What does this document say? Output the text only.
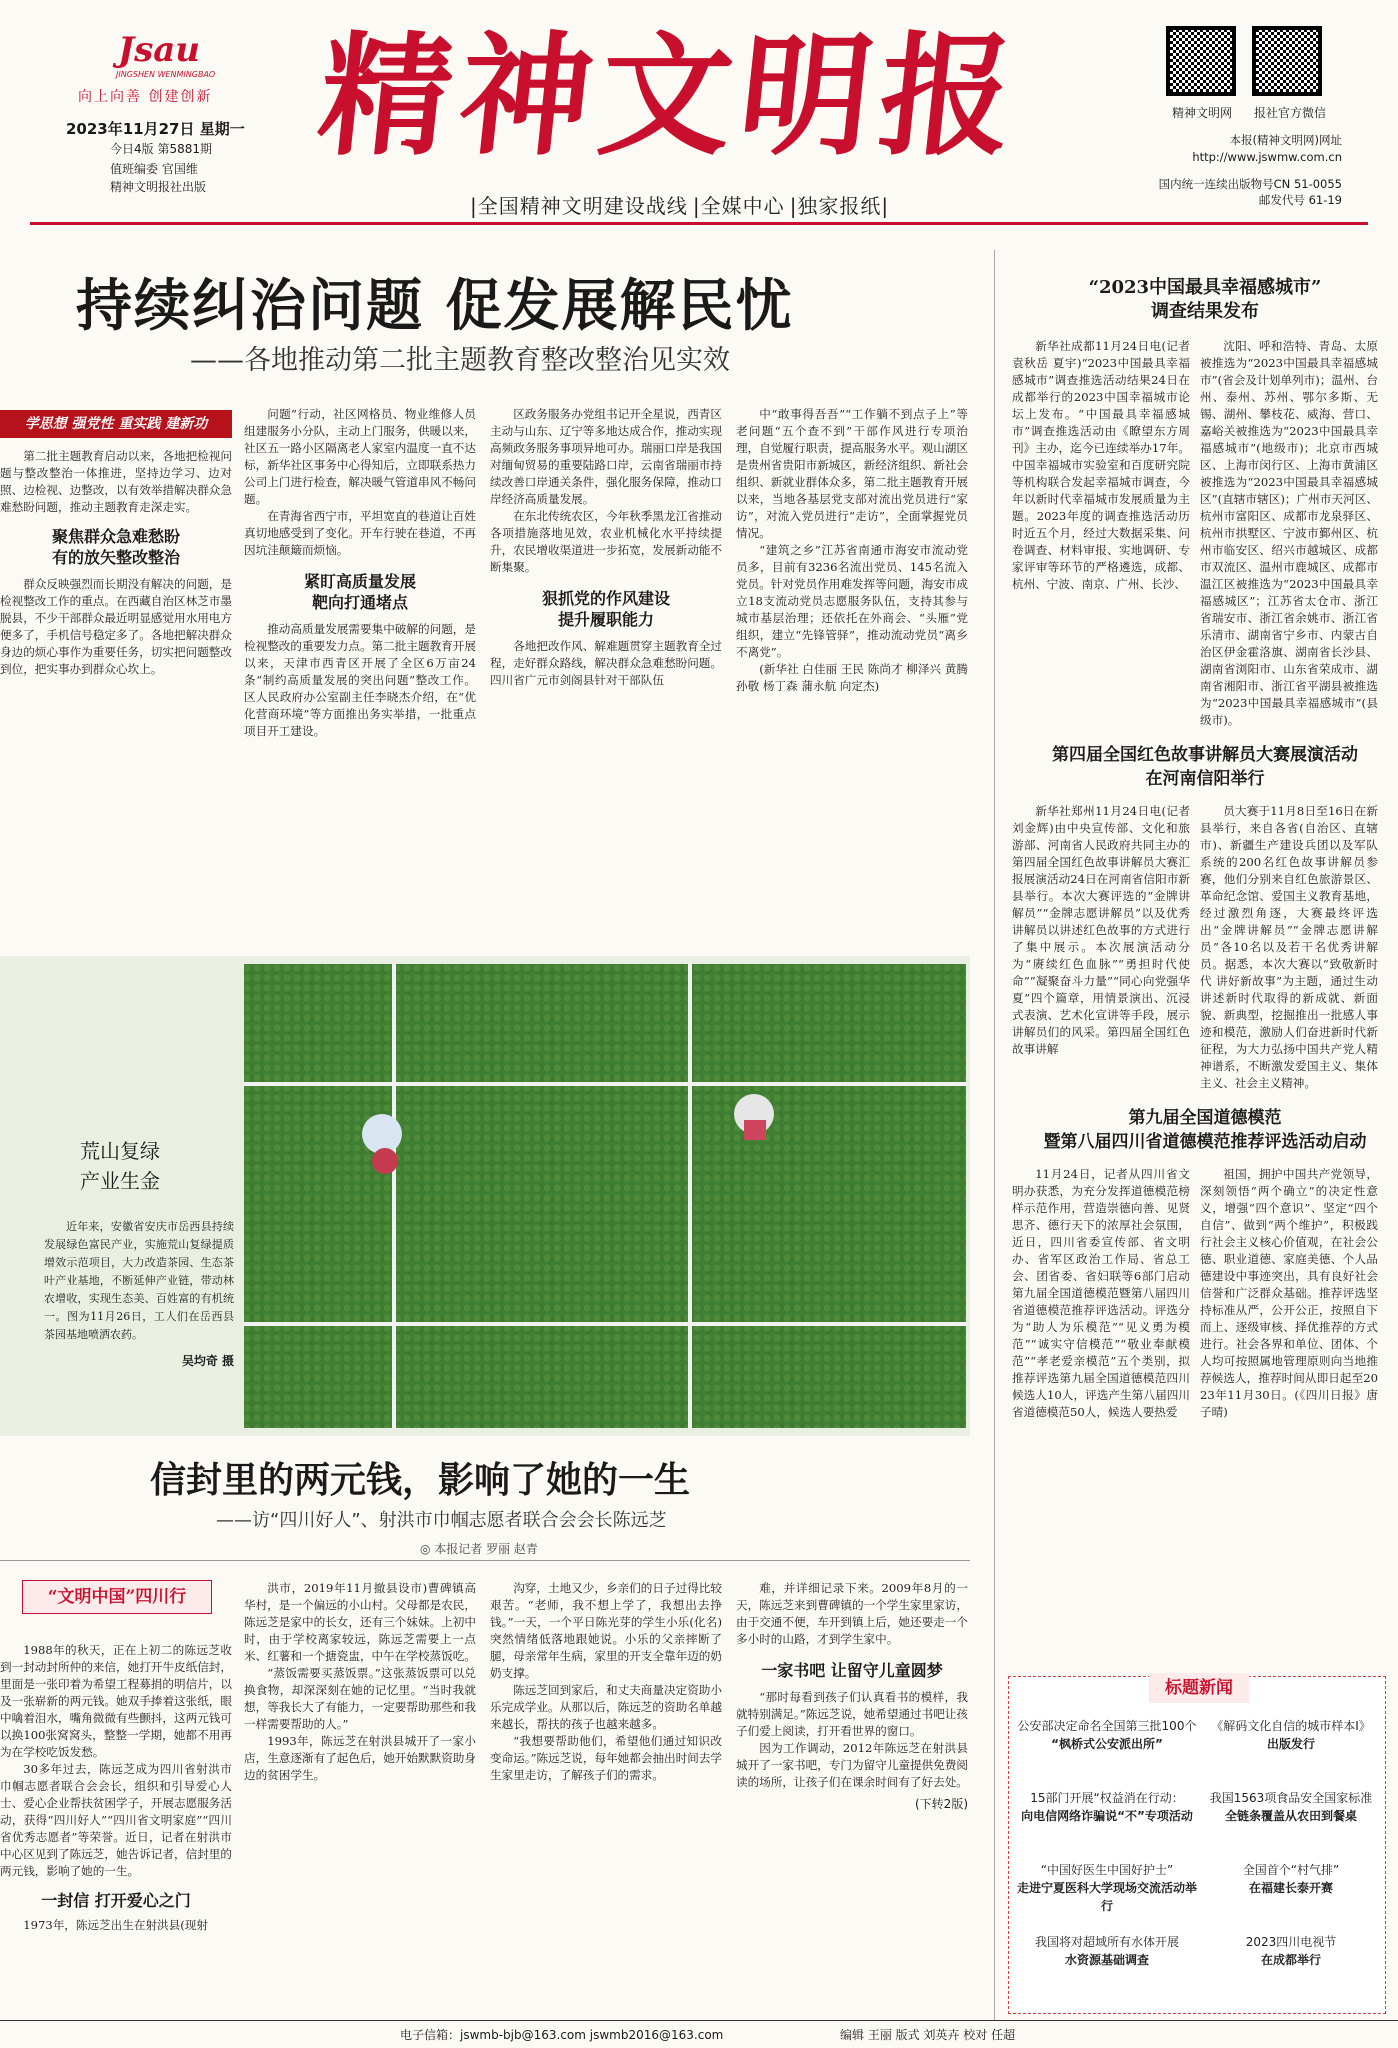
Jsau
JINGSHEN WENMINGBAO
向上向善 创建创新
2023年11月27日 星期一
今日4版 第5881期
值班编委 官国维
精神文明报社出版
精神文明报
|全国精神文明建设战线 |全媒中心 |独家报纸|
精神文明网	报社官方微信
本报(精神文明网)网址
http://www.jswmw.com.cn
国内统一连续出版物号CN 51-0055
邮发代号 61-19
持续纠治问题 促发展解民忧
——各地推动第二批主题教育整改整治见实效
学思想 强党性 重实践 建新功
第二批主题教育启动以来，各地把检视问题与整改整治一体推进，坚持边学习、边对照、边检视、边整改，以有效举措解决群众急难愁盼问题，推动主题教育走深走实。
聚焦群众急难愁盼
有的放矢整改整治
群众反映强烈而长期没有解决的问题，是检视整改工作的重点。在西藏自治区林芝市墨脱县，不少干部群众最近明显感觉用水用电方便多了，手机信号稳定多了。各地把解决群众身边的烦心事作为重要任务，切实把问题整改到位，把实事办到群众心坎上。
问题”行动，社区网格员、物业维修人员组建服务小分队，主动上门服务，供暖以来，社区五一路小区隔离老人家室内温度一直不达标，新华社区事务中心得知后，立即联系热力公司上门进行检查，解决暖气管道串风不畅问题。
在青海省西宁市，平坦宽直的巷道让百姓真切地感受到了变化。开车行驶在巷道，不再因坑洼颠簸而烦恼。
紧盯高质量发展
靶向打通堵点
推动高质量发展需要集中破解的问题，是检视整改的重要发力点。第二批主题教育开展以来，天津市西青区开展了全区6万亩24条“制约高质量发展的突出问题”整改工作。区人民政府办公室副主任李晓杰介绍，在“优化营商环境”等方面推出务实举措，一批重点项目开工建设。
区政务服务办党组书记开全星说，西青区主动与山东、辽宁等多地达成合作，推动实现高频政务服务事项异地可办。瑞丽口岸是我国对缅甸贸易的重要陆路口岸，云南省瑞丽市持续改善口岸通关条件，强化服务保障，推动口岸经济高质量发展。
在东北传统农区，今年秋季黑龙江省推动各项措施落地见效，农业机械化水平持续提升，农民增收渠道进一步拓宽，发展新动能不断集聚。
狠抓党的作风建设
提升履职能力
各地把改作风、解难题贯穿主题教育全过程，走好群众路线，解决群众急难愁盼问题。四川省广元市剑阁县针对干部队伍
中“敢事得吾吾”“工作躺不到点子上”等老问题“五个查不到”干部作风进行专项治理，自觉履行职责，提高服务水平。观山湖区是贵州省贵阳市新城区，新经济组织、新社会组织、新就业群体众多，第二批主题教育开展以来，当地各基层党支部对流出党员进行“家访”，对流入党员进行“走访”，全面掌握党员情况。
“建筑之乡”江苏省南通市海安市流动党员多，目前有3236名流出党员、145名流入党员。针对党员作用难发挥等问题，海安市成立18支流动党员志愿服务队伍，支持其参与城市基层治理；还依托在外商会、“头雁”党组织，建立“先锋管驿”，推动流动党员“离乡不离党”。
(新华社 白佳丽 王民 陈尚才 柳泽兴 黄腾 孙敬 杨丁森 蒲永航 向定杰)
荒山复绿
产业生金
近年来，安徽省安庆市岳西县持续发展绿色富民产业，实施荒山复绿提质增效示范项目，大力改造茶园、生态茶叶产业基地，不断延伸产业链，带动林农增收，实现生态美、百姓富的有机统一。图为11月26日，工人们在岳西县茶园基地喷洒农药。
吴均奇 摄
信封里的两元钱，影响了她的一生
——访“四川好人”、射洪市巾帼志愿者联合会会长陈远芝
◎ 本报记者 罗丽 赵青
“文明中国”四川行
1988年的秋天，正在上初二的陈远芝收到一封动封所仲的来信，她打开牛皮纸信封，里面是一张印着为希望工程募捐的明信片，以及一张崭新的两元钱。她双手捧着这张纸，眼中噙着泪水，嘴角微微有些颤抖，这两元钱可以换100张窝窝头，整整一学期，她都不用再为在学校吃饭发愁。
30多年过去，陈远芝成为四川省射洪市巾帼志愿者联合会会长，组织和引导爱心人士、爱心企业帮扶贫困学子，开展志愿服务活动，获得“四川好人”“四川省文明家庭”“四川省优秀志愿者”等荣誉。近日，记者在射洪市中心区见到了陈远芝，她告诉记者，信封里的两元钱，影响了她的一生。
一封信 打开爱心之门
1973年，陈远芝出生在射洪县(现射
洪市，2019年11月撤县设市)曹碑镇高华村，是一个偏远的小山村。父母都是农民，陈远芝是家中的长女，还有三个妹妹。上初中时，由于学校离家较远，陈远芝需要上一点米、红薯和一个搪瓷盅，中午在学校蒸饭吃。
“蒸饭需要买蒸饭票。”这张蒸饭票可以兑换食物，却深深刻在她的记忆里。“当时我就想，等我长大了有能力，一定要帮助那些和我一样需要帮助的人。”
1993年，陈远芝在射洪县城开了一家小店，生意逐渐有了起色后，她开始默默资助身边的贫困学生。
沟穿，土地又少，乡亲们的日子过得比较艰苦。“老师，我不想上学了，我想出去挣钱。”一天，一个平日陈光芽的学生小乐(化名)突然情绪低落地跟她说。小乐的父亲摔断了腿，母亲常年生病，家里的开支全靠年迈的奶奶支撑。
陈远芝回到家后，和丈夫商量决定资助小乐完成学业。从那以后，陈远芝的资助名单越来越长，帮扶的孩子也越来越多。
“我想要帮助他们，希望他们通过知识改变命运。”陈远芝说，每年她都会抽出时间去学生家里走访，了解孩子们的需求。
难，并详细记录下来。2009年8月的一天，陈远芝来到曹碑镇的一个学生家里家访，由于交通不便，车开到镇上后，她还要走一个多小时的山路，才到学生家中。
一家书吧 让留守儿童圆梦
“那时每看到孩子们认真看书的模样，我就特别满足。”陈远芝说，她希望通过书吧让孩子们爱上阅读，打开看世界的窗口。
因为工作调动，2012年陈远芝在射洪县城开了一家书吧，专门为留守儿童提供免费阅读的场所，让孩子们在课余时间有了好去处。
(下转2版)
“2023中国最具幸福感城市”
调查结果发布
新华社成都11月24日电(记者 袁秋岳 夏宇)“2023中国最具幸福感城市”调查推选活动结果24日在成都举行的2023中国幸福城市论坛上发布。“中国最具幸福感城市”调查推选活动由《瞭望东方周刊》主办，迄今已连续举办17年。中国幸福城市实验室和百度研究院等机构联合发起幸福城市调查，今年以新时代幸福城市发展质量为主题。2023年度的调查推选活动历时近五个月，经过大数据采集、问卷调查、材料审报、实地调研、专家评审等环节的严格遴选，成都、杭州、宁波、南京、广州、长沙、
沈阳、呼和浩特、青岛、太原被推选为“2023中国最具幸福感城市”(省会及计划单列市)；温州、台州、泰州、苏州、鄂尔多斯、无锡、湖州、攀枝花、威海、营口、嘉峪关被推选为“2023中国最具幸福感城市”(地级市)；北京市西城区、上海市闵行区、上海市黄浦区被推选为“2023中国最具幸福感城区”(直辖市辖区)；广州市天河区、杭州市富阳区、成都市龙泉驿区、杭州市拱墅区、宁波市鄞州区、杭州市临安区、绍兴市越城区、成都市双流区、温州市鹿城区、成都市温江区被推选为“2023中国最具幸福感城区”；江苏省太仓市、浙江省瑞安市、浙江省余姚市、浙江省乐清市、湖南省宁乡市、内蒙古自治区伊金霍洛旗、湖南省长沙县、湖南省浏阳市、山东省荣成市、湖南省湘阳市、浙江省平湖县被推选为“2023中国最具幸福感城市”(县级市)。
第四届全国红色故事讲解员大赛展演活动
在河南信阳举行
新华社郑州11月24日电(记者 刘金辉)由中央宣传部、文化和旅游部、河南省人民政府共同主办的第四届全国红色故事讲解员大赛汇报展演活动24日在河南省信阳市新县举行。本次大赛评选的“金牌讲解员”“金牌志愿讲解员”以及优秀讲解员以讲述红色故事的方式进行了集中展示。本次展演活动分为“赓续红色血脉”“勇担时代使命”“凝聚奋斗力量”“同心向党强华夏”四个篇章，用情景演出、沉浸式表演、艺术化宣讲等手段，展示讲解员们的风采。第四届全国红色故事讲解
员大赛于11月8日至16日在新县举行，来自各省(自治区、直辖市)、新疆生产建设兵团以及军队系统的200名红色故事讲解员参赛，他们分别来自红色旅游景区、革命纪念馆、爱国主义教育基地，经过激烈角逐，大赛最终评选出“金牌讲解员”“金牌志愿讲解员”各10名以及若干名优秀讲解员。据悉，本次大赛以“致敬新时代 讲好新故事”为主题，通过生动讲述新时代取得的新成就、新面貌、新典型，挖掘推出一批感人事迹和模范，激励人们奋进新时代新征程，为大力弘扬中国共产党人精神谱系，不断激发爱国主义、集体主义、社会主义精神。
第九届全国道德模范
暨第八届四川省道德模范推荐评选活动启动
11月24日，记者从四川省文明办获悉，为充分发挥道德模范榜样示范作用，营造崇德向善、见贤思齐、德行天下的浓厚社会氛围，近日，四川省委宣传部、省文明办、省军区政治工作局、省总工会、团省委、省妇联等6部门启动第九届全国道德模范暨第八届四川省道德模范推荐评选活动。评选分为“助人为乐模范”“见义勇为模范”“诚实守信模范”“敬业奉献模范”“孝老爱亲模范”五个类别，拟推荐评选第九届全国道德模范四川候选人10人，评选产生第八届四川省道德模范50人，候选人要热爱
祖国，拥护中国共产党领导，深刻领悟“两个确立”的决定性意义，增强“四个意识”、坚定“四个自信”、做到“两个维护”，积极践行社会主义核心价值观，在社会公德、职业道德、家庭美德、个人品德建设中事迹突出，具有良好社会信誉和广泛群众基础。推荐评选坚持标准从严，公开公正，按照自下而上、逐级审核、择优推荐的方式进行。社会各界和单位、团体、个人均可按照属地管理原则向当地推荐候选人，推荐时间从即日起至2023年11月30日。(《四川日报》唐子晴)
标题新闻
公安部决定命名全国第三批100个
“枫桥式公安派出所”
《解码文化自信的城市样本Ⅰ》
出版发行
15部门开展“权益消在行动：
向电信网络诈骗说“不”专项活动
我国1563项食品安全国家标准
全链条覆盖从农田到餐桌
“中国好医生中国好护士”
走进宁夏医科大学现场交流活动举行
全国首个“村气排”
在福建长泰开赛
我国将对超域所有水体开展
水资源基础调查
2023四川电视节
在成都举行
电子信箱：jswmb-bjb@163.com jswmb2016@163.com	编辑 王丽 版式 刘英卉 校对 任超
